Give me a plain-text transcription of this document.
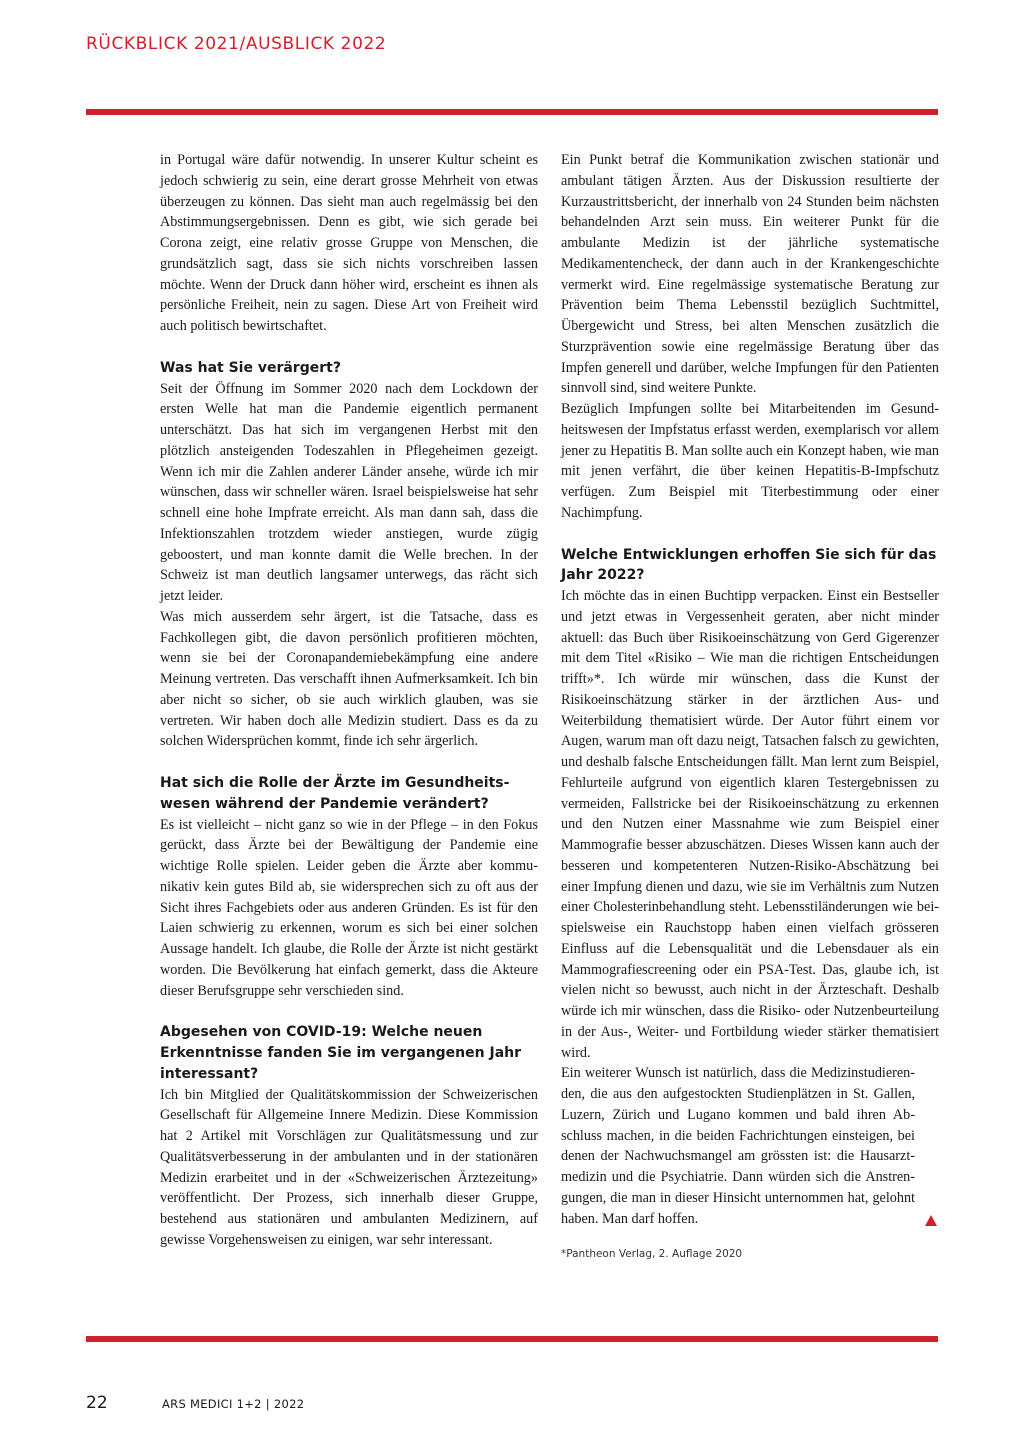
RÜCKBLICK 2021/AUSBLICK 2022

in Portugal wäre dafür notwendig. In unserer Kultur scheint es jedoch schwierig zu sein, eine derart grosse Mehrheit von etwas überzeugen zu können. Das sieht man auch regelmässig bei den Abstimmungsergebnissen. Denn es gibt, wie sich gerade bei Corona zeigt, eine relativ grosse Gruppe von Menschen, die grundsätzlich sagt, dass sie sich nichts vorschreiben lassen möchte. Wenn der Druck dann höher wird, erscheint es ihnen als persönliche Freiheit, nein zu sagen. Diese Art von Freiheit wird auch politisch bewirtschaftet.

Was hat Sie verärgert?

Seit der Öffnung im Sommer 2020 nach dem Lockdown der ersten Welle hat man die Pandemie eigentlich permanent unterschätzt. Das hat sich im vergangenen Herbst mit den plötzlich ansteigenden Todeszahlen in Pflegeheimen gezeigt. Wenn ich mir die Zahlen anderer Länder ansehe, würde ich mir wünschen, dass wir schneller wären. Israel beispielsweise hat sehr schnell eine hohe Impfrate erreicht. Als man dann sah, dass die Infektionszahlen trotzdem wieder anstiegen, wurde zügig geboostert, und man konnte damit die Welle brechen. In der Schweiz ist man deutlich langsamer unterwegs, das rächt sich jetzt leider.

Was mich ausserdem sehr ärgert, ist die Tatsache, dass es Fachkollegen gibt, die davon persönlich profitieren möchten, wenn sie bei der Coronapandemiebekämpfung eine andere Meinung vertreten. Das verschafft ihnen Aufmerksamkeit. Ich bin aber nicht so sicher, ob sie auch wirklich glauben, was sie vertreten. Wir haben doch alle Medizin studiert. Dass es da zu solchen Widersprüchen kommt, finde ich sehr ärgerlich.

Hat sich die Rolle der Ärzte im Gesundheitswesen während der Pandemie verändert?

Es ist vielleicht – nicht ganz so wie in der Pflege – in den Fokus gerückt, dass Ärzte bei der Bewältigung der Pandemie eine wichtige Rolle spielen. Leider geben die Ärzte aber kommunikativ kein gutes Bild ab, sie widersprechen sich zu oft aus der Sicht ihres Fachgebiets oder aus anderen Gründen. Es ist für den Laien schwierig zu erkennen, worum es sich bei einer solchen Aussage handelt. Ich glaube, die Rolle der Ärzte ist nicht gestärkt worden. Die Bevölkerung hat einfach gemerkt, dass die Akteure dieser Berufsgruppe sehr verschieden sind.

Abgesehen von COVID-19: Welche neuen Erkenntnisse fanden Sie im vergangenen Jahr interessant?

Ich bin Mitglied der Qualitätskommission der Schweizerischen Gesellschaft für Allgemeine Innere Medizin. Diese Kommission hat 2 Artikel mit Vorschlägen zur Qualitätsmessung und zur Qualitätsverbesserung in der ambulanten und in der stationären Medizin erarbeitet und in der «Schweizerischen Ärztezeitung» veröffentlicht. Der Prozess, sich innerhalb dieser Gruppe, bestehend aus stationären und ambulanten Medizinern, auf gewisse Vorgehensweisen zu einigen, war sehr interessant.

Ein Punkt betraf die Kommunikation zwischen stationär und ambulant tätigen Ärzten. Aus der Diskussion resultierte der Kurzaustrittsbericht, der innerhalb von 24 Stunden beim nächsten behandelnden Arzt sein muss. Ein weiterer Punkt für die ambulante Medizin ist der jährliche systematische Medikamentencheck, der dann auch in der Krankengeschichte vermerkt wird. Eine regelmässige systematische Beratung zur Prävention beim Thema Lebensstil bezüglich Suchtmittel, Übergewicht und Stress, bei alten Menschen zusätzlich die Sturzprävention sowie eine regelmässige Beratung über das Impfen generell und darüber, welche Impfungen für den Patienten sinnvoll sind, sind weitere Punkte.

Bezüglich Impfungen sollte bei Mitarbeitenden im Gesundheitswesen der Impfstatus erfasst werden, exemplarisch vor allem jener zu Hepatitis B. Man sollte auch ein Konzept haben, wie man mit jenen verfährt, die über keinen Hepatitis-B-Impfschutz verfügen. Zum Beispiel mit Titerbestimmung oder einer Nachimpfung.

Welche Entwicklungen erhoffen Sie sich für das Jahr 2022?

Ich möchte das in einen Buchtipp verpacken. Einst ein Bestseller und jetzt etwas in Vergessenheit geraten, aber nicht minder aktuell: das Buch über Risikoeinschätzung von Gerd Gigerenzer mit dem Titel «Risiko – Wie man die richtigen Entscheidungen trifft»*. Ich würde mir wünschen, dass die Kunst der Risikoeinschätzung stärker in der ärztlichen Aus- und Weiterbildung thematisiert würde. Der Autor führt einem vor Augen, warum man oft dazu neigt, Tatsachen falsch zu gewichten, und deshalb falsche Entscheidungen fällt. Man lernt zum Beispiel, Fehlurteile aufgrund von eigentlich klaren Testergebnissen zu vermeiden, Fallstricke bei der Risikoeinschätzung zu erkennen und den Nutzen einer Massnahme wie zum Beispiel einer Mammografie besser abzuschätzen. Dieses Wissen kann auch der besseren und kompetenteren Nutzen-Risiko-Abschätzung bei einer Impfung dienen und dazu, wie sie im Verhältnis zum Nutzen einer Cholesterinbehandlung steht. Lebensstiländerungen wie beispielsweise ein Rauchstopp haben einen vielfach grösseren Einfluss auf die Lebensqualität und die Lebensdauer als ein Mammografiescreening oder ein PSA-Test. Das, glaube ich, ist vielen nicht so bewusst, auch nicht in der Ärzteschaft. Deshalb würde ich mir wünschen, dass die Risiko- oder Nutzenbeurteilung in der Aus-, Weiter- und Fortbildung wieder stärker thematisiert wird.

Ein weiterer Wunsch ist natürlich, dass die Medizinstudierenden, die aus den aufgestockten Studienplätzen in St. Gallen, Luzern, Zürich und Lugano kommen und bald ihren Abschluss machen, in die beiden Fachrichtungen einsteigen, bei denen der Nachwuchsmangel am grössten ist: die Hausarztmedizin und die Psychiatrie. Dann würden sich die Anstrengungen, die man in dieser Hinsicht unternommen hat, gelohnt haben. Man darf hoffen.

*Pantheon Verlag, 2. Auflage 2020
22	ARS MEDICI 1+2 | 2022
